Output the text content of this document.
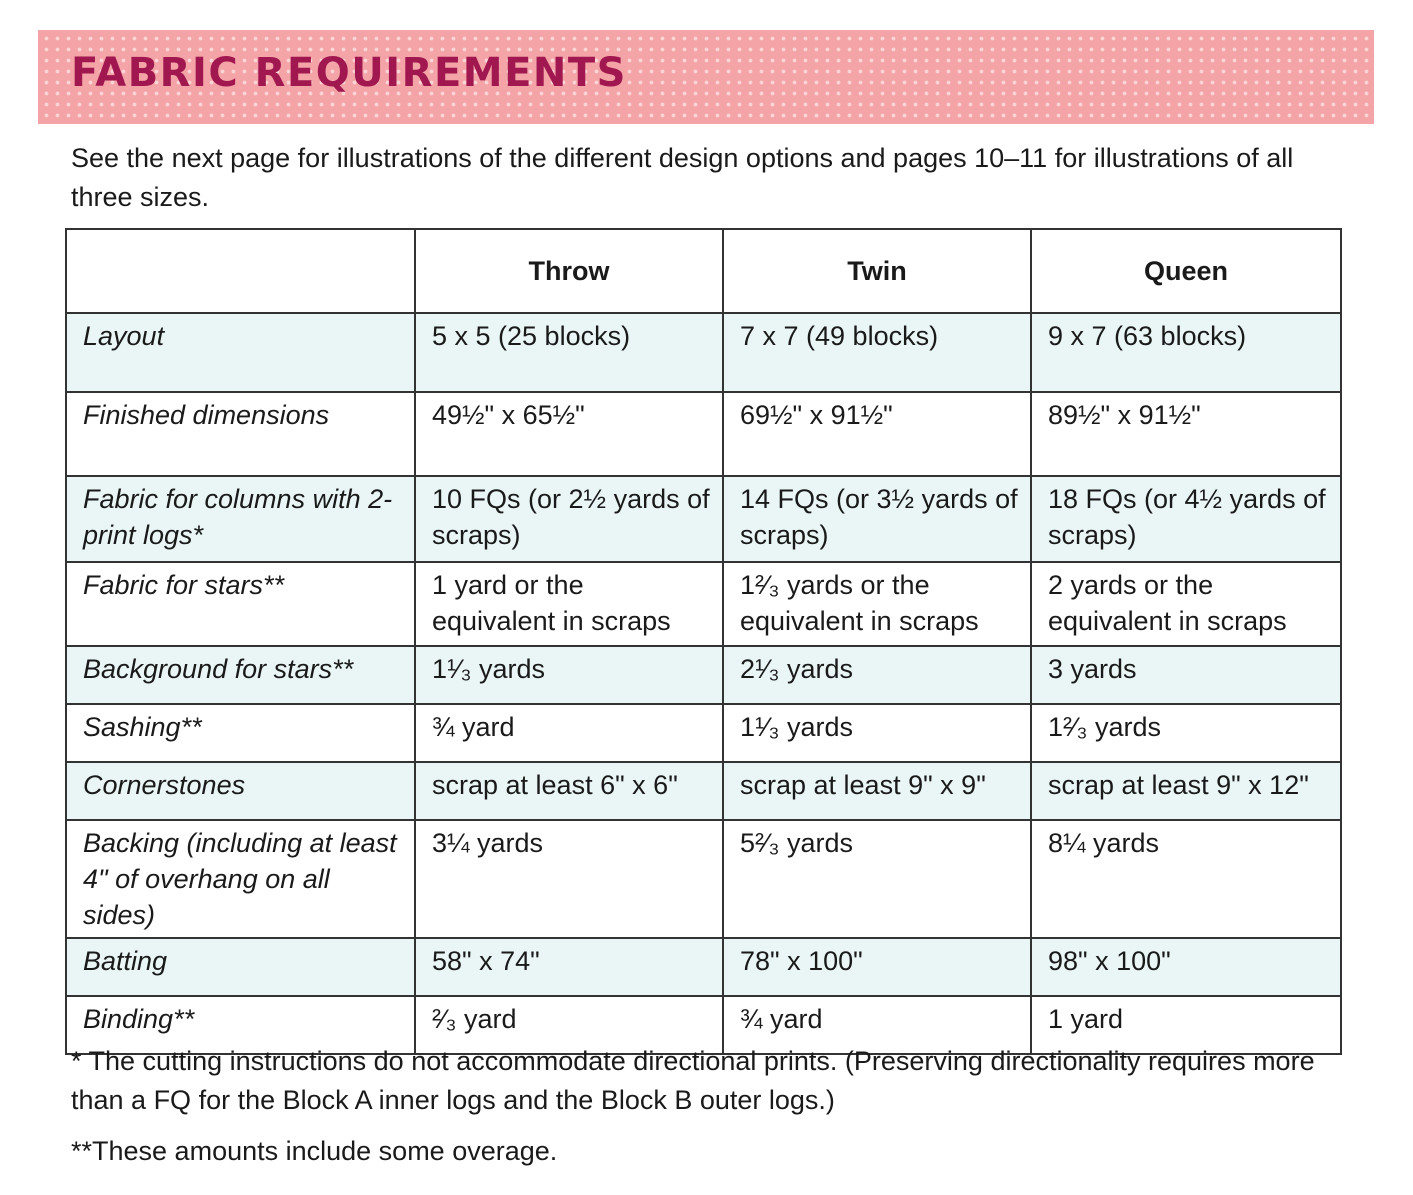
FABRIC REQUIREMENTS

See the next page for illustrations of the different design options and pages 10–11 for illustrations of all three sizes.

	Throw	Twin	Queen
Layout	5 x 5 (25 blocks)	7 x 7 (49 blocks)	9 x 7 (63 blocks)
Finished dimensions	49½" x 65½"	69½" x 91½"	89½" x 91½"
Fabric for columns with 2-print logs*	10 FQs (or 2½ yards of scraps)	14 FQs (or 3½ yards of scraps)	18 FQs (or 4½ yards of scraps)
Fabric for stars**	1 yard or the equivalent in scraps	1²⁄₃ yards or the equivalent in scraps	2 yards or the equivalent in scraps
Background for stars**	1¹⁄₃ yards	2¹⁄₃ yards	3 yards
Sashing**	¾ yard	1¹⁄₃ yards	1²⁄₃ yards
Cornerstones	scrap at least 6" x 6"	scrap at least 9" x 9"	scrap at least 9" x 12"
Backing (including at least 4" of overhang on all sides)	3¼ yards	5²⁄₃ yards	8¼ yards
Batting	58" x 74"	78" x 100"	98" x 100"
Binding**	²⁄₃ yard	¾ yard	1 yard

* The cutting instructions do not accommodate directional prints. (Preserving directionality requires more than a FQ for the Block A inner logs and the Block B outer logs.)

**These amounts include some overage.
